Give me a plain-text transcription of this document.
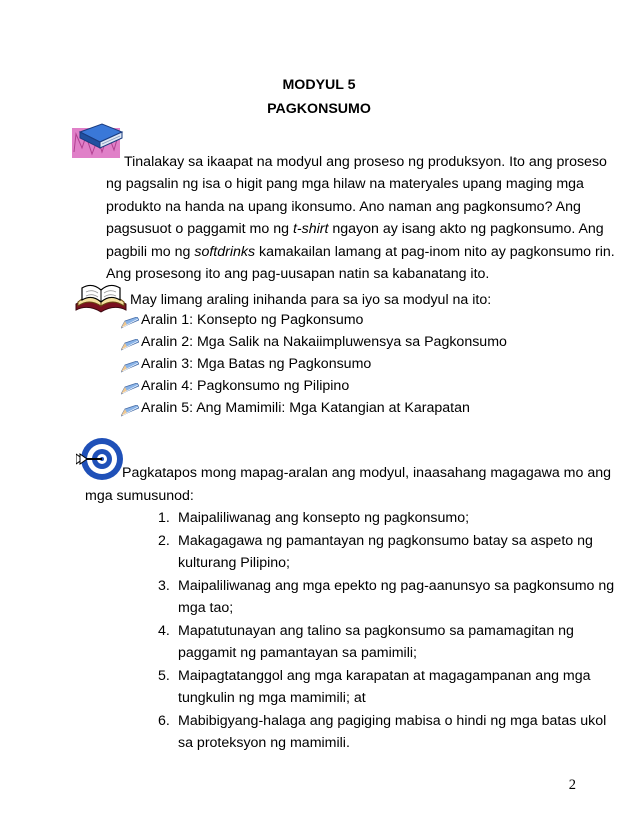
MODYUL 5
PAGKONSUMO
Tinalakay sa ikaapat na modyul ang proseso ng produksyon. Ito ang proseso
ng pagsalin ng isa o higit pang mga hilaw na materyales upang maging mga
produkto na handa na upang ikonsumo. Ano naman ang pagkonsumo? Ang
pagsusuot o paggamit mo ng t-shirt ngayon ay isang akto ng pagkonsumo. Ang
pagbili mo ng softdrinks kamakailan lamang at pag-inom nito ay pagkonsumo rin.
Ang prosesong ito ang pag-uusapan natin sa kabanatang ito.
May limang araling inihanda para sa iyo sa modyul na ito:
Aralin 1: Konsepto ng Pagkonsumo
Aralin 2: Mga Salik na Nakaiimpluwensya sa Pagkonsumo
Aralin 3: Mga Batas ng Pagkonsumo
Aralin 4: Pagkonsumo ng Pilipino
Aralin 5: Ang Mamimili: Mga Katangian at Karapatan
Pagkatapos mong mapag-aralan ang modyul, inaasahang magagawa mo ang
mga sumusunod:
1. Maipaliliwanag ang konsepto ng pagkonsumo;
2. Makagagawa ng pamantayan ng pagkonsumo batay sa aspeto ng
kulturang Pilipino;
3. Maipaliliwanag ang mga epekto ng pag-aanunsyo sa pagkonsumo ng
mga tao;
4. Mapatutunayan ang talino sa pagkonsumo sa pamamagitan ng
paggamit ng pamantayan sa pamimili;
5. Maipagtatanggol ang mga karapatan at magagampanan ang mga
tungkulin ng mga mamimili; at
6. Mabibigyang-halaga ang pagiging mabisa o hindi ng mga batas ukol
sa proteksyon ng mamimili.
2
